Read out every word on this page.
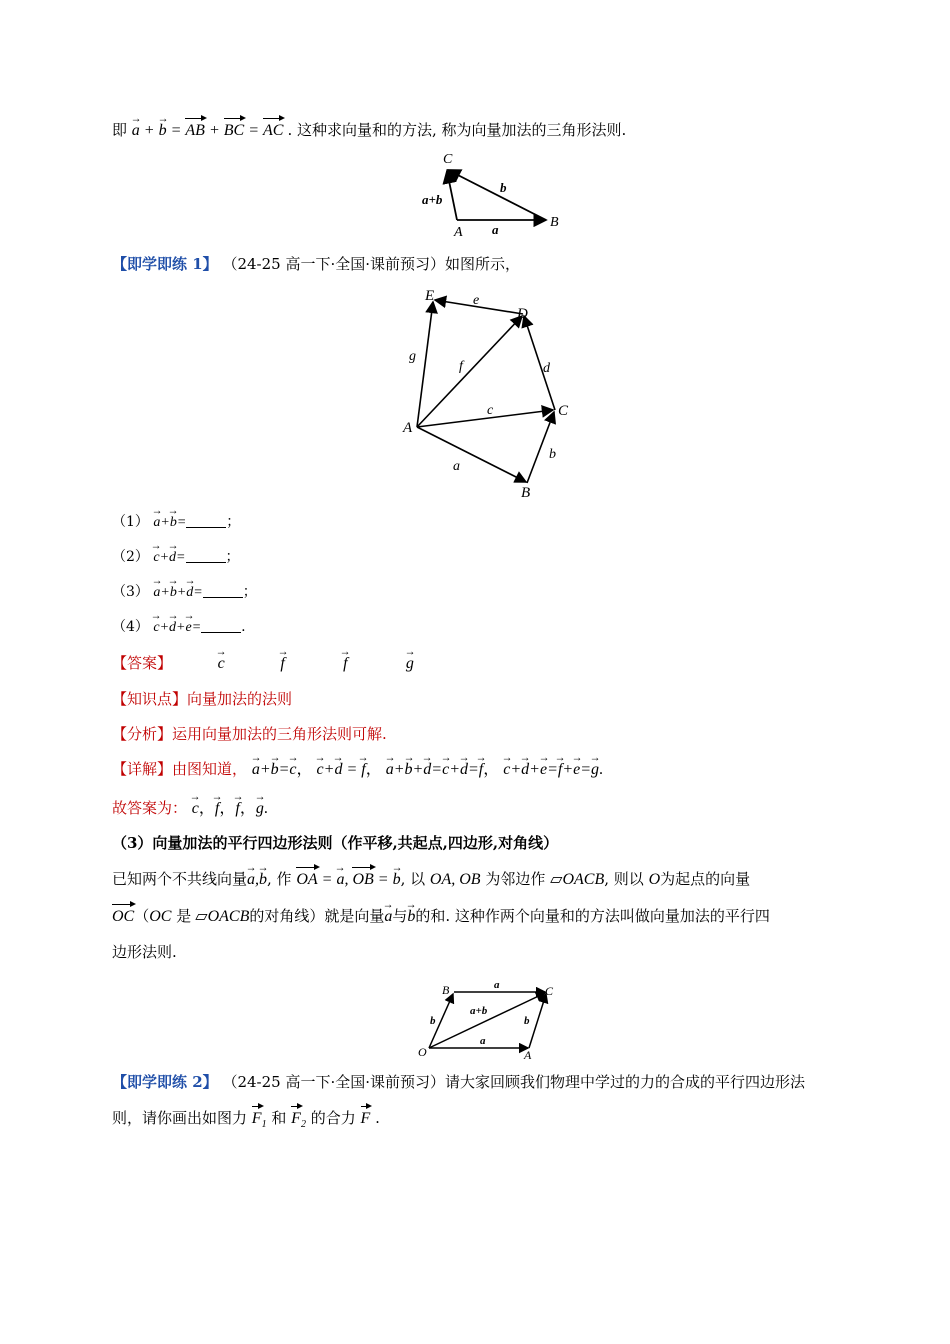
即 → a + → b = AB + BC = AC . 这种求向量和的方法, 称为向量加法的三角形法则.
C
A
B
a
b
a+b
【即学即练 1】 （24-25 高一下·全国·课前预习）如图所示，
E
D
C
A
B
e
g
f	d
c
a
b
（1） → a+→ b=	；
（2） → c+→ d=	；
（3） → a+→ b+→ d=	；
（4） → c+→ d+→ e=	.
【答案】	→ c	→ f	→ f	→ g
【知识点】向量加法的法则
【分析】运用向量加法的三角形法则可解.
【详解】由图知道， → a+→ b=→ c， → c+→ d = → f， → a+→ b+→ d=→ c+→ d=→ f， → c+→ d+→ e=→ f+→ e=→ g.
故答案为： → c，→ f，→ f，→ g.
（3）向量加法的平行四边形法则（作平移,共起点,四边形,对角线）
已知两个不共线向量→ a,→ b, 作 OA = → a, OB = → b, 以 OA, OB 为邻边作 ▱OACB, 则以 O为起点的向量
OC（OC 是 ▱OACB的对角线）就是向量→ a与→ b的和. 这种作两个向量和的方法叫做向量加法的平行四
边形法则.
B	C
O	A
a
a
b	b
a+b
【即学即练 2】 （24-25 高一下·全国·课前预习）请大家回顾我们物理中学过的力的合成的平行四边形法
则，请你画出如图力 $F_1$ 和 $F_2$ 的合力 F .
